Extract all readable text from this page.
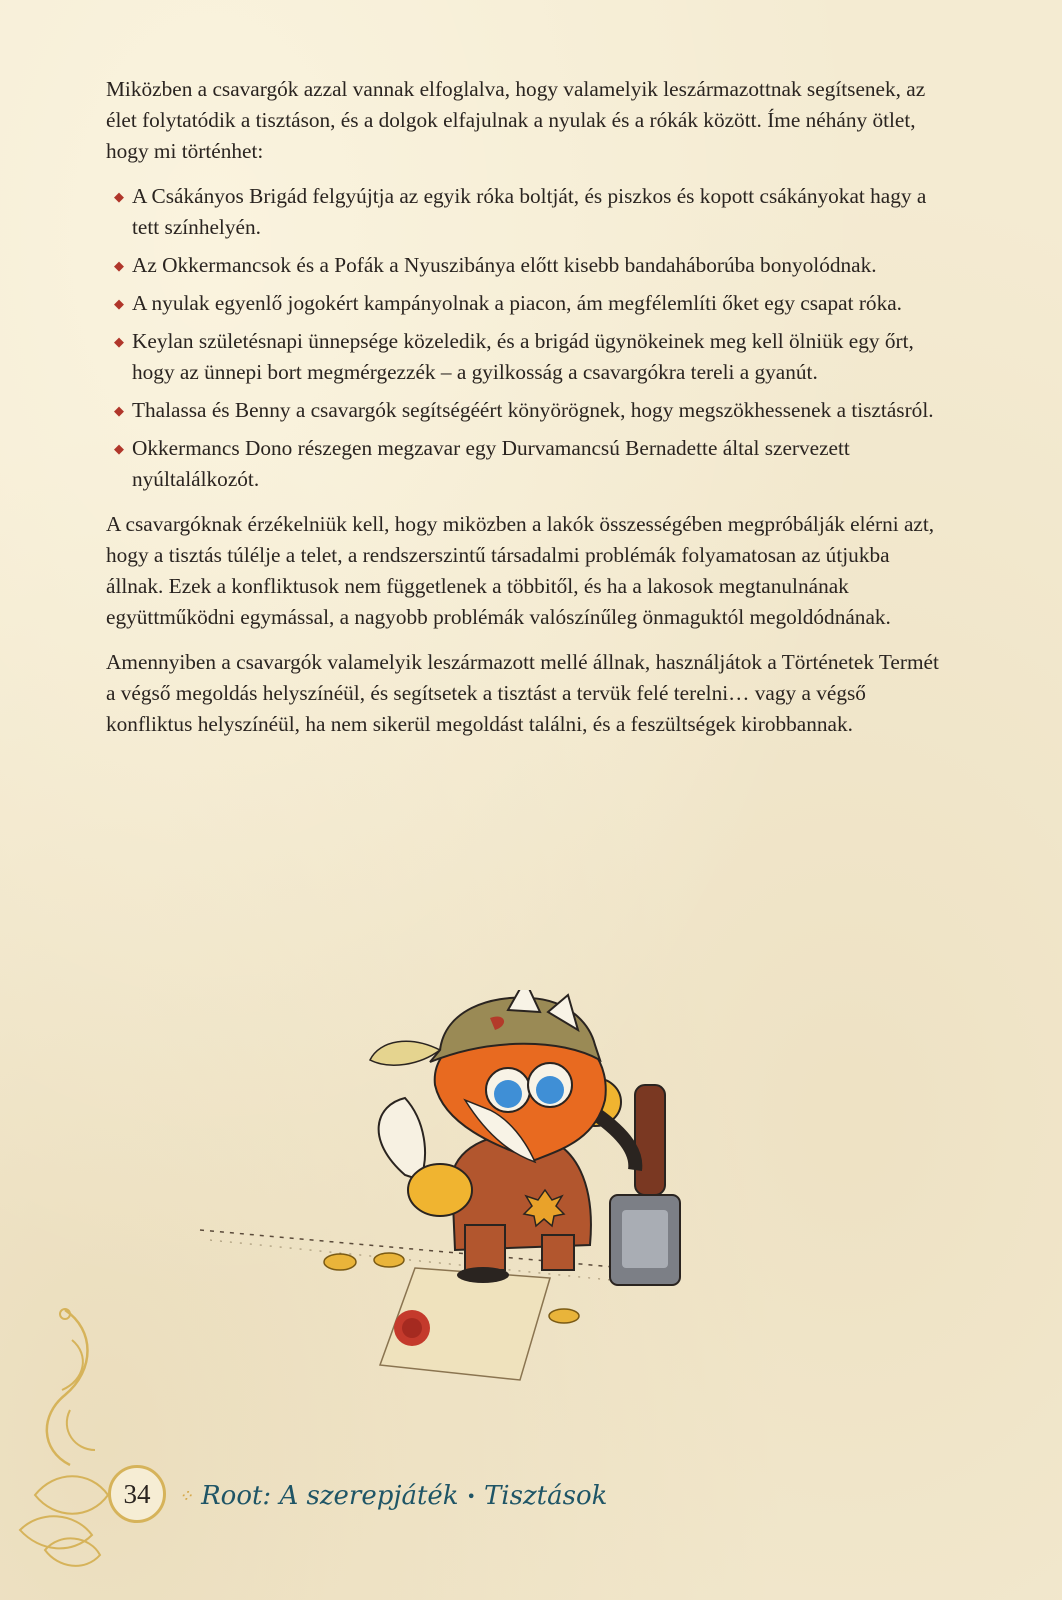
Miközben a csavargók azzal vannak elfoglalva, hogy valamelyik leszármazottnak segítsenek, az élet folytatódik a tisztáson, és a dolgok elfajulnak a nyulak és a rókák között. Íme néhány ötlet, hogy mi történhet:

◆ A Csákányos Brigád felgyújtja az egyik róka boltját, és piszkos és kopott csákányokat hagy a tett színhelyén.
◆ Az Okkermancsok és a Pofák a Nyuszibánya előtt kisebb bandaháborúba bonyolódnak.
◆ A nyulak egyenlő jogokért kampányolnak a piacon, ám megfélemlíti őket egy csapat róka.
◆ Keylan születésnapi ünnepsége közeledik, és a brigád ügynökeinek meg kell ölniük egy őrt, hogy az ünnepi bort megmérgezzék – a gyilkosság a csavargókra tereli a gyanút.
◆ Thalassa és Benny a csavargók segítségéért könyörögnek, hogy megszökhessenek a tisztásról.
◆ Okkermancs Dono részegen megzavar egy Durvamancsú Bernadette által szervezett nyúltalálkozót.

A csavargóknak érzékelniük kell, hogy miközben a lakók összességében megpróbálják elérni azt, hogy a tisztás túlélje a telet, a rendszerszintű társadalmi problémák folyamatosan az útjukba állnak. Ezek a konfliktusok nem függetlenek a többitől, és ha a lakosok megtanulnának együttműködni egymással, a nagyobb problémák valószínűleg önmaguktól megoldódnának.

Amennyiben a csavargók valamelyik leszármazott mellé állnak, használjátok a Történetek Termét a végső megoldás helyszínéül, és segítsetek a tisztást a tervük felé terelni… vagy a végső konfliktus helyszínéül, ha nem sikerül megoldást találni, és a feszültségek kirobbannak.

34	⁘ Root: A szerepjáték • Tisztások
